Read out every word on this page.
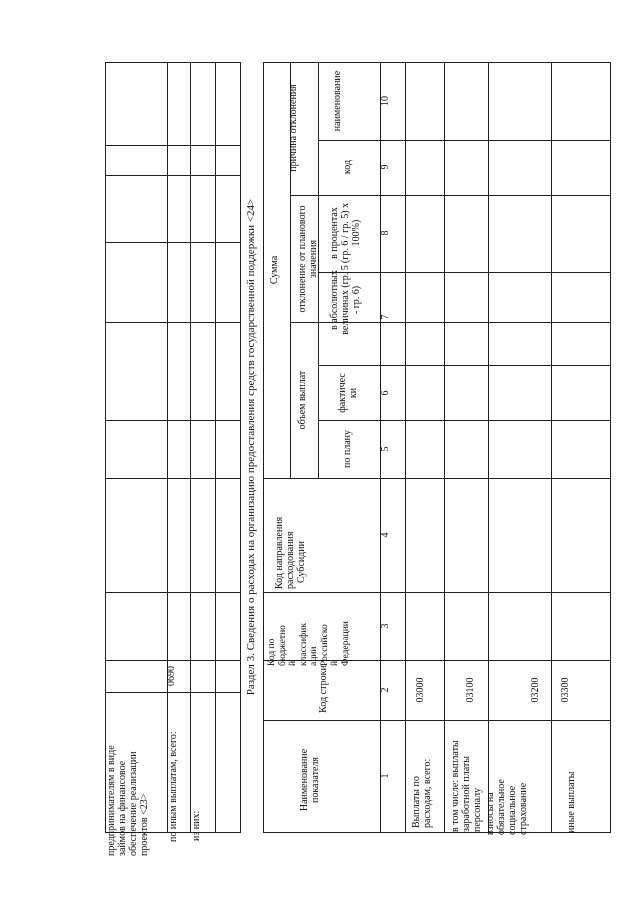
предпринимателям в виде займов на финансовое обеспечение реализации проектов <23> по иным выплатам, всего:
0690
из них:
Раздел 3. Сведения о расходах на организацию предоставления средств государственной поддержки <24>
Наименование показателя
Код строки
Код по бюджетно й классифик ации Российско й Федерации
Код направления расходования Субсидии
Сумма
объем выплат
по плану
фактичес ки
отклонение от планового значения
в абсолютных величинах (гр. 5 - гр. 6)
в процентах (гр. 6 / гр. 5) x 100%)
причина отклонения	код
наименование
1
2
3
4
5
6
7
8
9
10
Выплаты по расходам, всего:
03000
в том числе: выплаты заработной платы персоналу
03100
взносы на обязательное социальное страхование
03200
иные выплаты
03300
